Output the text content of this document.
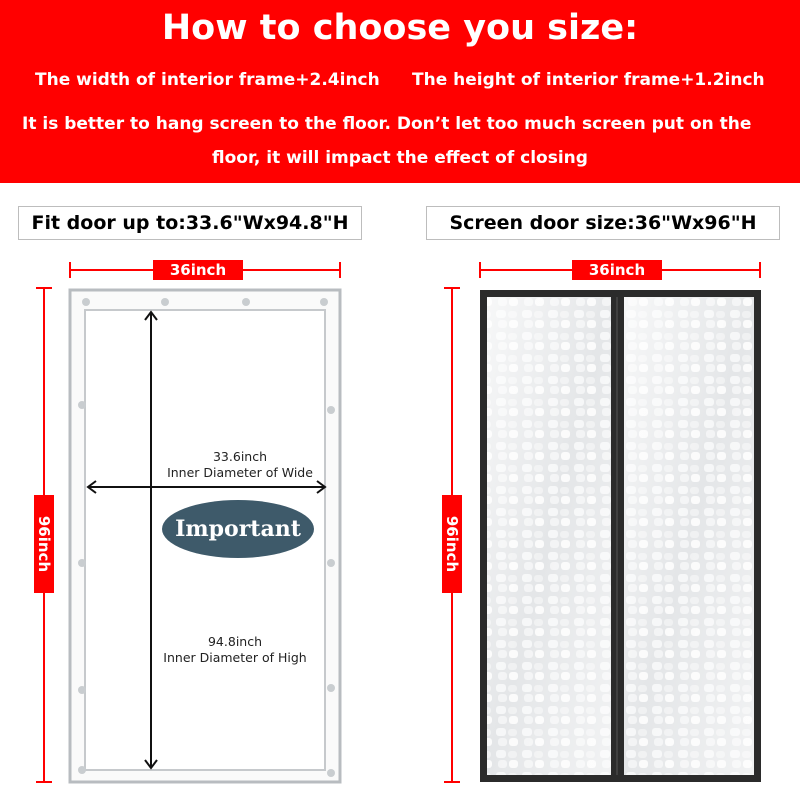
How to choose you size:
The width of interior frame+2.4inch The height of interior frame+1.2inch
It is better to hang screen to the floor. Don’t let too much screen put on the
floor, it will impact the effect of closing
Fit door up to:33.6"Wx94.8"H	Screen door size:36"Wx96"H
36inch
96inch
36inch
96inch
33.6inch
Inner Diameter of Wide
94.8inch
Inner Diameter of High
Important
